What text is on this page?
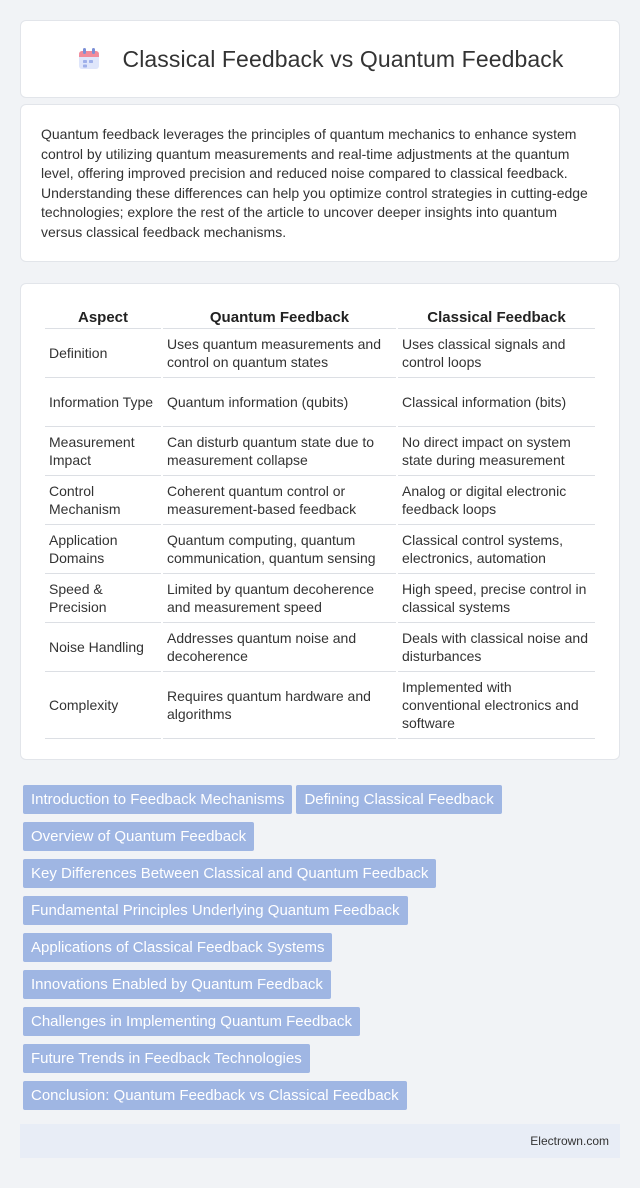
Classical Feedback vs Quantum Feedback

Quantum feedback leverages the principles of quantum mechanics to enhance system control by utilizing quantum measurements and real-time adjustments at the quantum level, offering improved precision and reduced noise compared to classical feedback. Understanding these differences can help you optimize control strategies in cutting-edge technologies; explore the rest of the article to uncover deeper insights into quantum versus classical feedback mechanisms.

Aspect	Quantum Feedback	Classical Feedback
Definition	Uses quantum measurements and control on quantum states	Uses classical signals and control loops
Information Type	Quantum information (qubits)	Classical information (bits)
Measurement Impact	Can disturb quantum state due to measurement collapse	No direct impact on system state during measurement
Control Mechanism	Coherent quantum control or measurement-based feedback	Analog or digital electronic feedback loops
Application Domains	Quantum computing, quantum communication, quantum sensing	Classical control systems, electronics, automation
Speed & Precision	Limited by quantum decoherence and measurement speed	High speed, precise control in classical systems
Noise Handling	Addresses quantum noise and decoherence	Deals with classical noise and disturbances
Complexity	Requires quantum hardware and algorithms	Implemented with conventional electronics and software
Introduction to Feedback Mechanisms Defining Classical Feedback
Overview of Quantum Feedback
Key Differences Between Classical and Quantum Feedback
Fundamental Principles Underlying Quantum Feedback
Applications of Classical Feedback Systems
Innovations Enabled by Quantum Feedback
Challenges in Implementing Quantum Feedback
Future Trends in Feedback Technologies
Conclusion: Quantum Feedback vs Classical Feedback
Electrown.com
